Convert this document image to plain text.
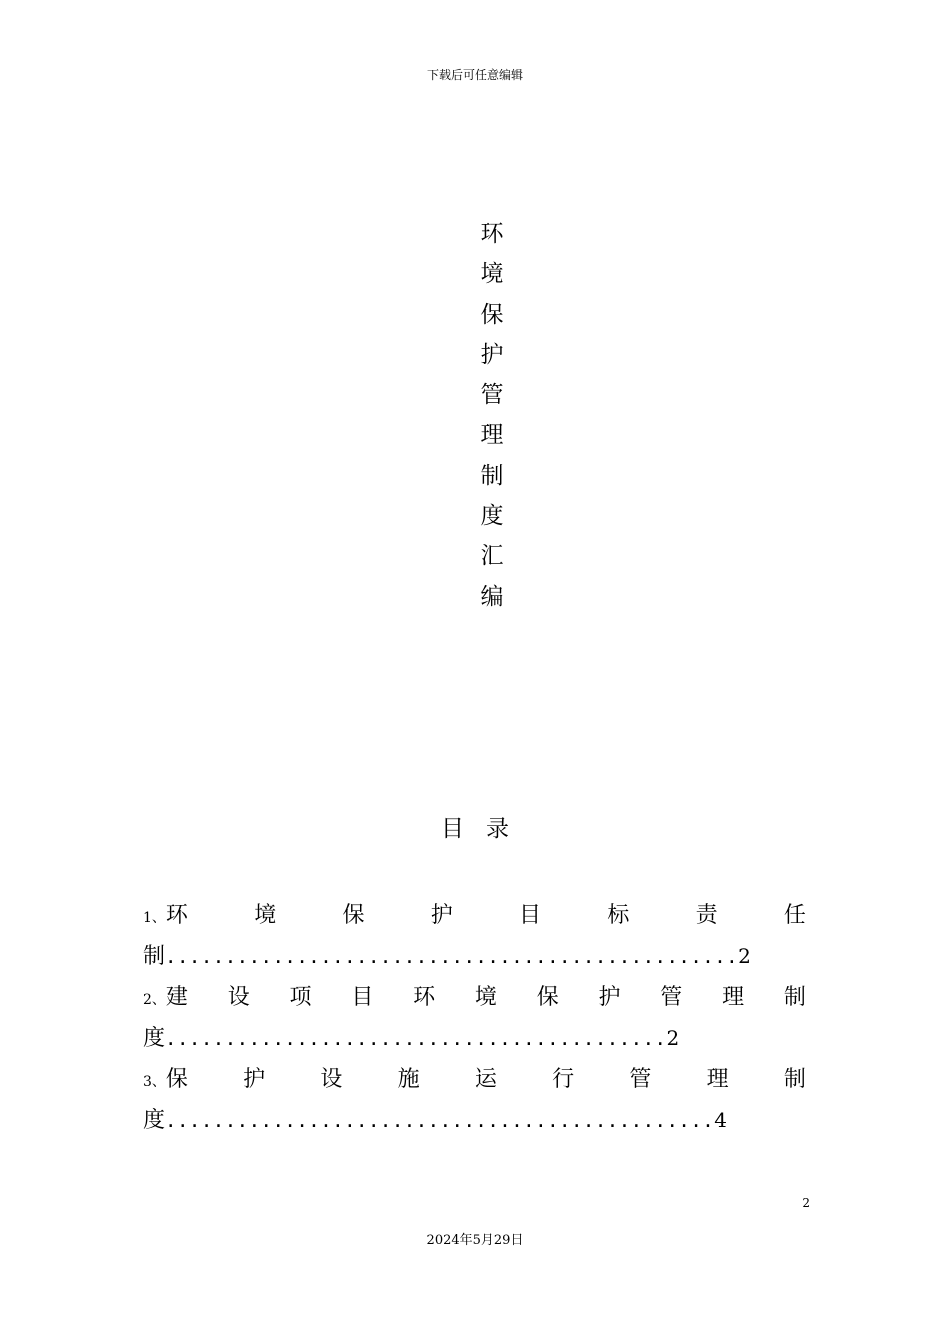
下载后可任意编辑
环
境
保
护
管
理
制
度
汇
编
目录
1、环	境	保	护	目	标	责	任
制................................................2
2、建 设 项 目 环 境 保 护 管 理 制
度..........................................2
3、保	护	设	施	运	行	管	理	制
度..............................................4
2
2024年5月29日
